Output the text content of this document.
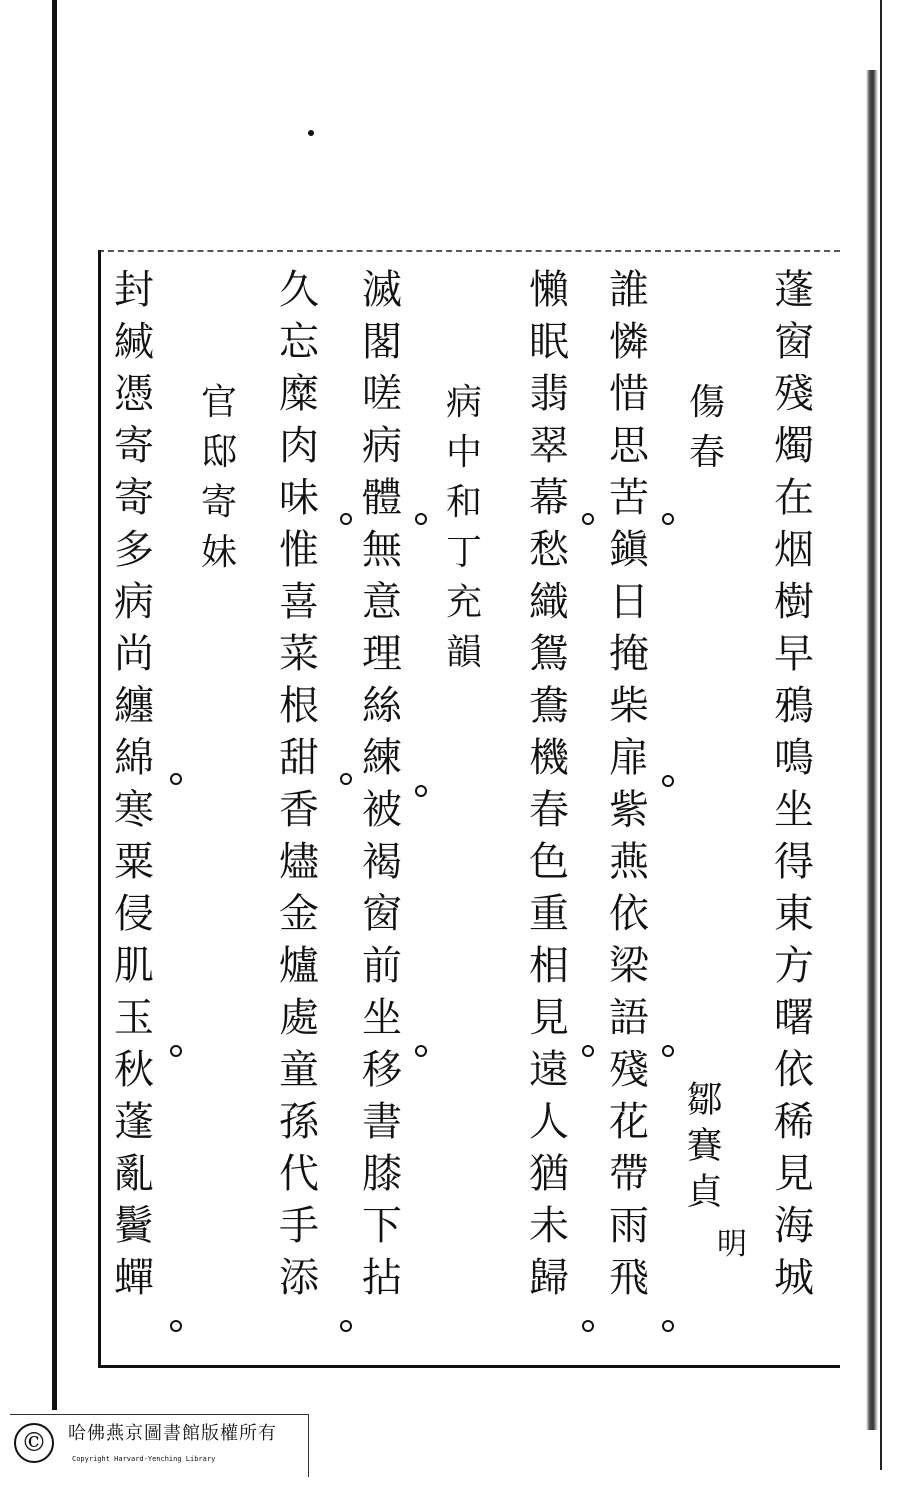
蓬
窗
殘
燭
在
烟
樹
早
鴉
鳴
坐
得
東
方
曙
依
稀
見
海
城
傷
春
誰
憐
惜
思
苦
鎭
日
掩
柴
扉
紫
燕
依
梁
語
殘
花
帶
雨
飛
懶
眠
翡
翠
幕
愁
織
鴛
鴦
機
春
色
重
相
見
遠
人
猶
未
歸
病
中
和
丁
充
韻
滅
閣
嗟
病
體
無
意
理
絲
練
被
褐
窗
前
坐
移
書
膝
下
拈
久
忘
糜
肉
味
惟
喜
菜
根
甜
香
燼
金
爐
處
童
孫
代
手
添
官
邸
寄
妹
封
緘
憑
寄
寄
多
病
尚
纏
綿
寒
粟
侵
肌
玉
秋
蓬
亂
鬢
蟬
鄒賽貞
明
©	哈佛燕京圖書館版權所有
Copyright Harvard-Yenching Library
